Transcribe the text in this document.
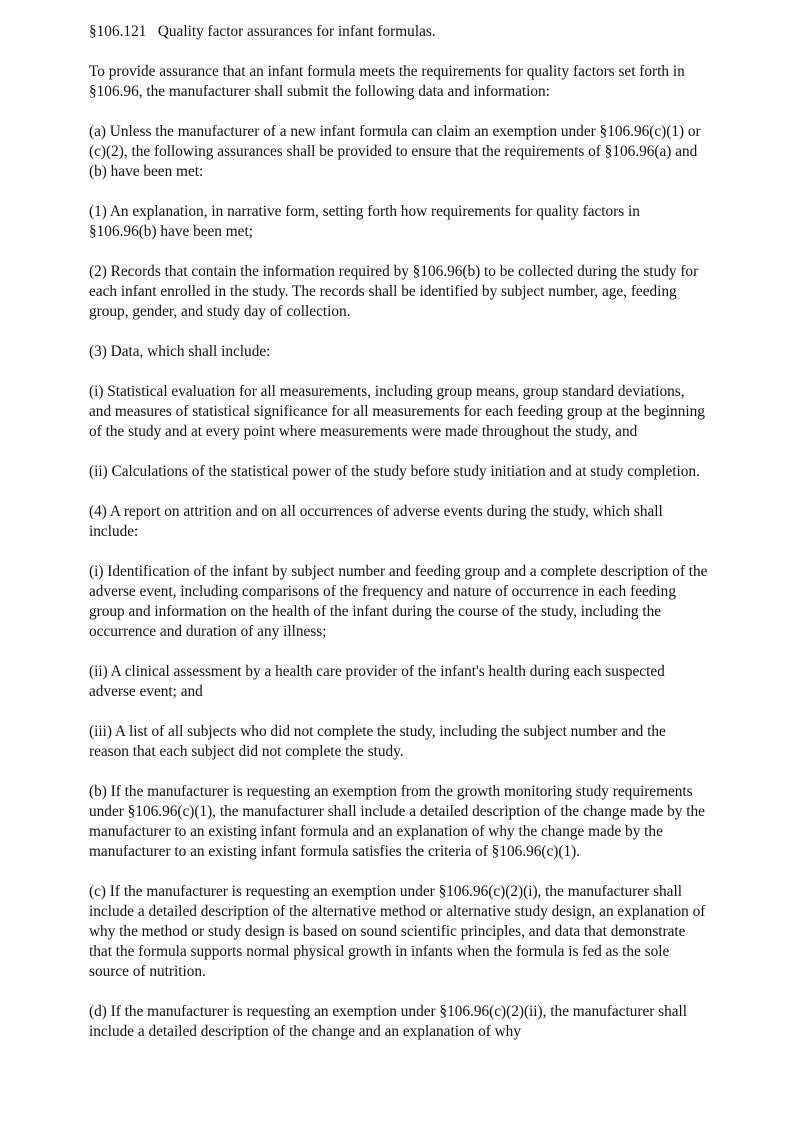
§106.121   Quality factor assurances for infant formulas.

To provide assurance that an infant formula meets the requirements for quality factors set forth in §106.96, the manufacturer shall submit the following data and information:

(a) Unless the manufacturer of a new infant formula can claim an exemption under §106.96(c)(1) or (c)(2), the following assurances shall be provided to ensure that the requirements of §106.96(a) and (b) have been met:

(1) An explanation, in narrative form, setting forth how requirements for quality factors in §106.96(b) have been met;

(2) Records that contain the information required by §106.96(b) to be collected during the study for each infant enrolled in the study. The records shall be identified by subject number, age, feeding group, gender, and study day of collection.

(3) Data, which shall include:

(i) Statistical evaluation for all measurements, including group means, group standard deviations, and measures of statistical significance for all measurements for each feeding group at the beginning of the study and at every point where measurements were made throughout the study, and

(ii) Calculations of the statistical power of the study before study initiation and at study completion.

(4) A report on attrition and on all occurrences of adverse events during the study, which shall include:

(i) Identification of the infant by subject number and feeding group and a complete description of the adverse event, including comparisons of the frequency and nature of occurrence in each feeding group and information on the health of the infant during the course of the study, including the occurrence and duration of any illness;

(ii) A clinical assessment by a health care provider of the infant's health during each suspected adverse event; and

(iii) A list of all subjects who did not complete the study, including the subject number and the reason that each subject did not complete the study.

(b) If the manufacturer is requesting an exemption from the growth monitoring study requirements under §106.96(c)(1), the manufacturer shall include a detailed description of the change made by the manufacturer to an existing infant formula and an explanation of why the change made by the manufacturer to an existing infant formula satisfies the criteria of §106.96(c)(1).

(c) If the manufacturer is requesting an exemption under §106.96(c)(2)(i), the manufacturer shall include a detailed description of the alternative method or alternative study design, an explanation of why the method or study design is based on sound scientific principles, and data that demonstrate that the formula supports normal physical growth in infants when the formula is fed as the sole source of nutrition.

(d) If the manufacturer is requesting an exemption under §106.96(c)(2)(ii), the manufacturer shall include a detailed description of the change and an explanation of why
